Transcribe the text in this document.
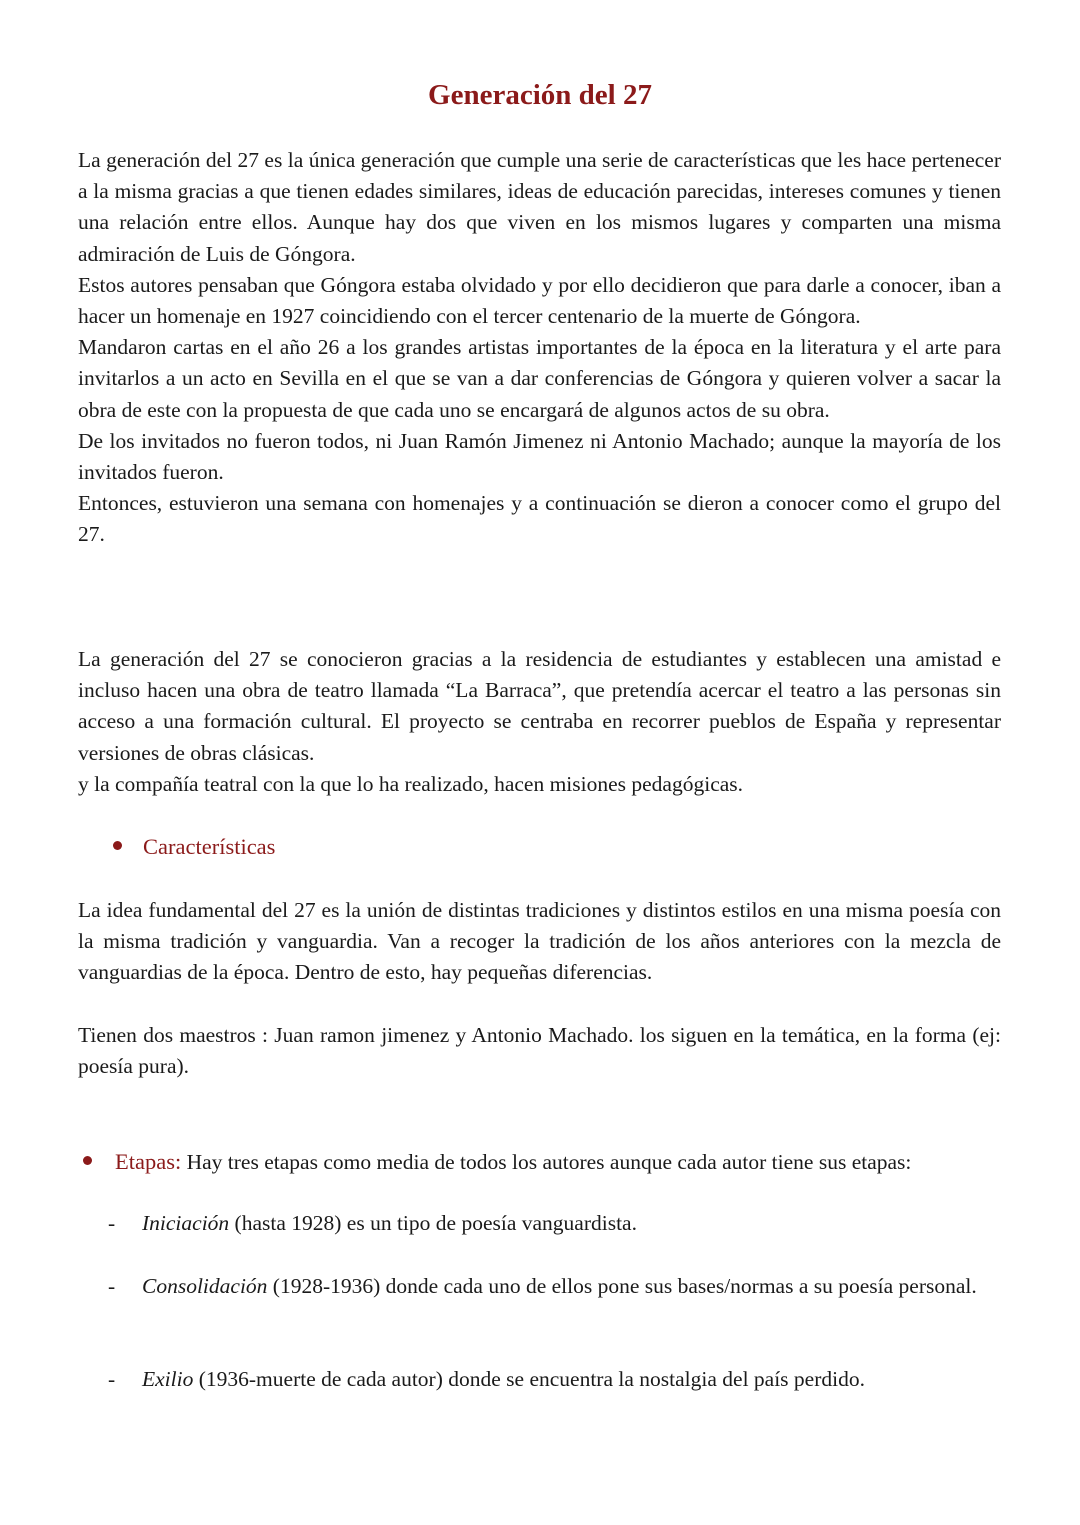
Generación del 27

La generación del 27 es la única generación que cumple una serie de características que les hace pertenecer a la misma gracias a que tienen edades similares, ideas de educación parecidas, intereses comunes y tienen una relación entre ellos. Aunque hay dos que viven en los mismos lugares y comparten una misma admiración de Luis de Góngora.

Estos autores pensaban que Góngora estaba olvidado y por ello decidieron que para darle a conocer, iban a hacer un homenaje en 1927 coincidiendo con el tercer centenario de la muerte de Góngora.

Mandaron cartas en el año 26 a los grandes artistas importantes de la época en la literatura y el arte para invitarlos a un acto en Sevilla en el que se van a dar conferencias de Góngora y quieren volver a sacar la obra de este con la propuesta de que cada uno se encargará de algunos actos de su obra.

De los invitados no fueron todos, ni Juan Ramón Jimenez ni Antonio Machado; aunque la mayoría de los invitados fueron.

Entonces, estuvieron una semana con homenajes y a continuación se dieron a conocer como el grupo del 27.

La generación del 27 se conocieron gracias a la residencia de estudiantes y establecen una amistad e incluso hacen una obra de teatro llamada “La Barraca”, que pretendía acercar el teatro a las personas sin acceso a una formación cultural. El proyecto se centraba en recorrer pueblos de España y representar versiones de obras clásicas.

y la compañía teatral con la que lo ha realizado, hacen misiones pedagógicas.

Características

La idea fundamental del 27 es la unión de distintas tradiciones y distintos estilos en una misma poesía con la misma tradición y vanguardia. Van a recoger la tradición de los años anteriores con la mezcla de vanguardias de la época. Dentro de esto, hay pequeñas diferencias.

Tienen dos maestros : Juan ramon jimenez y Antonio Machado. los siguen en la temática, en la forma (ej: poesía pura).

Etapas: Hay tres etapas como media de todos los autores aunque cada autor tiene sus etapas:
-	Iniciación (hasta 1928) es un tipo de poesía vanguardista.
-	Consolidación (1928-1936) donde cada uno de ellos pone sus bases/normas a su poesía personal.
-	Exilio (1936-muerte de cada autor) donde se encuentra la nostalgia del país perdido.
